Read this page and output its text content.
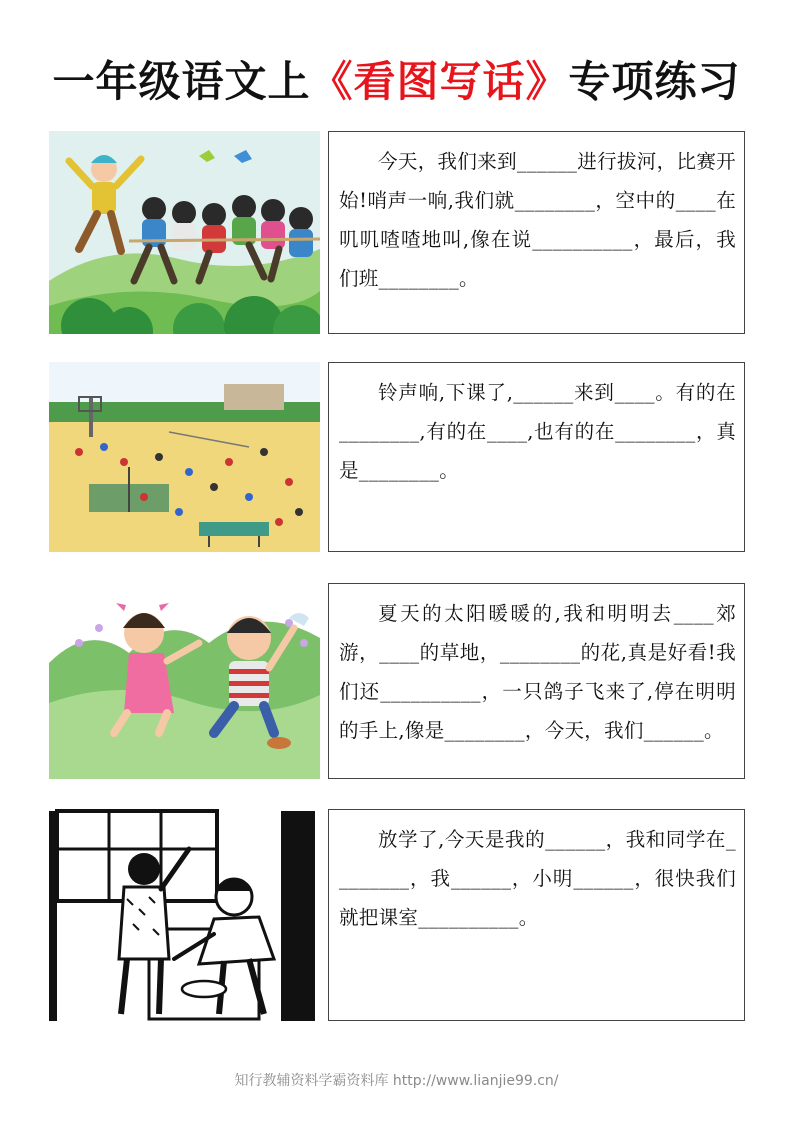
一年级语文上《看图写话》专项练习

今天，我们来到______进行拔河，比赛开始!哨声一响,我们就________，空中的____在叽叽喳喳地叫,像在说__________，最后，我们班________。

铃声响,下课了,______来到____。有的在________,有的在____,也有的在________，真是________。

夏天的太阳暖暖的,我和明明去____郊游，____的草地，________的花,真是好看!我们还__________，一只鸽子飞来了,停在明明的手上,像是________，今天，我们______。

放学了,今天是我的______，我和同学在________，我______，小明______，很快我们就把课室__________。

知行教辅资料学霸资料库 http://www.lianjie99.cn/
